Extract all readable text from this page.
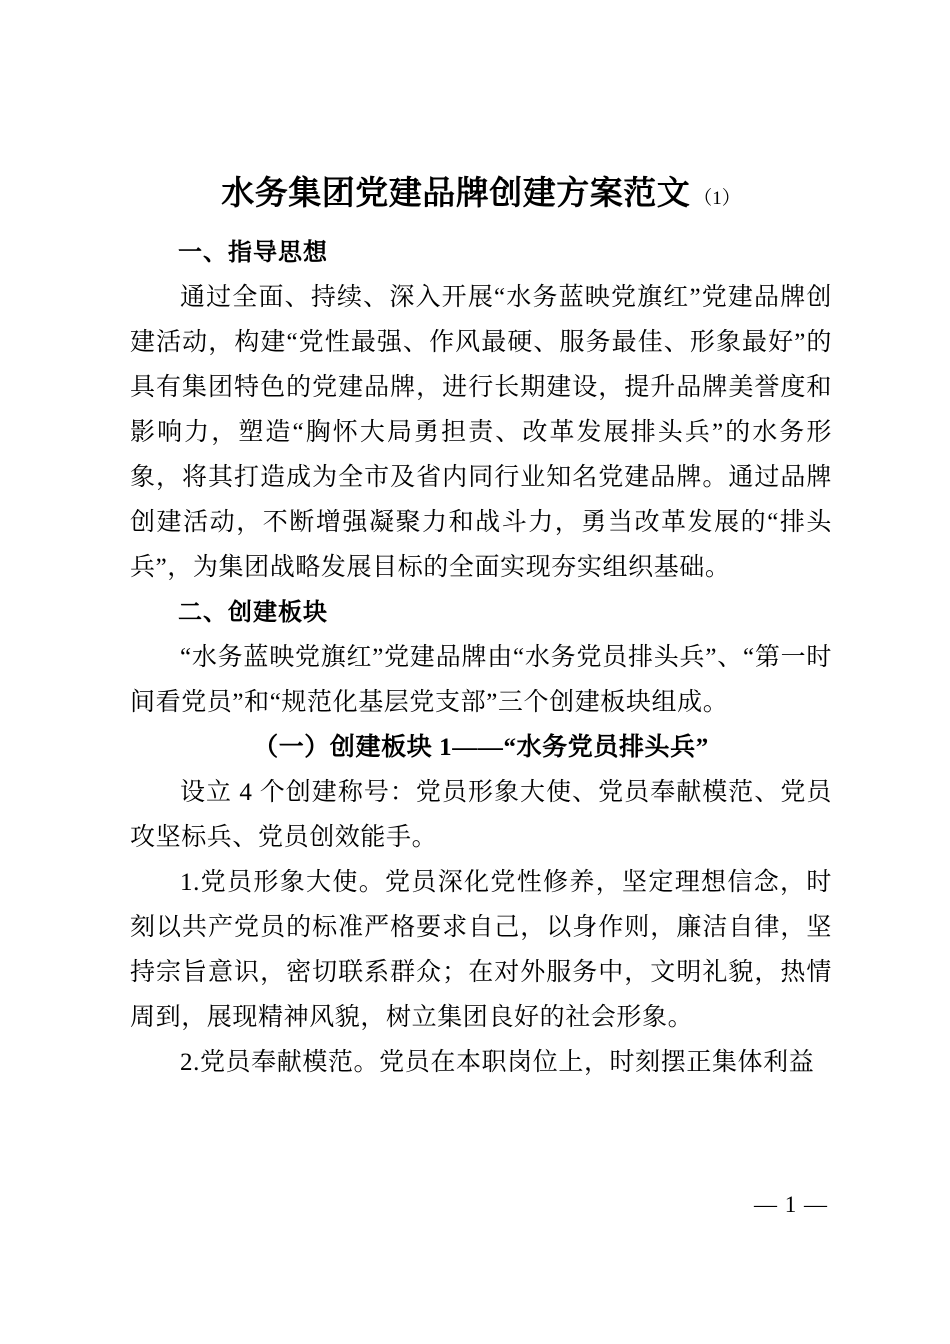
水务集团党建品牌创建方案范文 （1）
一、指导思想

通过全面、持续、深入开展“水务蓝映党旗红”党建品牌创建活动，构建“党性最强、作风最硬、服务最佳、形象最好”的具有集团特色的党建品牌，进行长期建设，提升品牌美誉度和影响力，塑造“胸怀大局勇担责、改革发展排头兵”的水务形象，将其打造成为全市及省内同行业知名党建品牌。通过品牌创建活动，不断增强凝聚力和战斗力，勇当改革发展的“排头兵”，为集团战略发展目标的全面实现夯实组织基础。

二、创建板块

“水务蓝映党旗红”党建品牌由“水务党员排头兵”、“第一时间看党员”和“规范化基层党支部”三个创建板块组成。

（一）创建板块 1——“水务党员排头兵”

设立 4 个创建称号：党员形象大使、党员奉献模范、党员攻坚标兵、党员创效能手。

1.党员形象大使。党员深化党性修养，坚定理想信念，时刻以共产党员的标准严格要求自己，以身作则，廉洁自律，坚持宗旨意识，密切联系群众；在对外服务中，文明礼貌，热情周到，展现精神风貌，树立集团良好的社会形象。

2.党员奉献模范。党员在本职岗位上，时刻摆正集体利益

— 1 —
